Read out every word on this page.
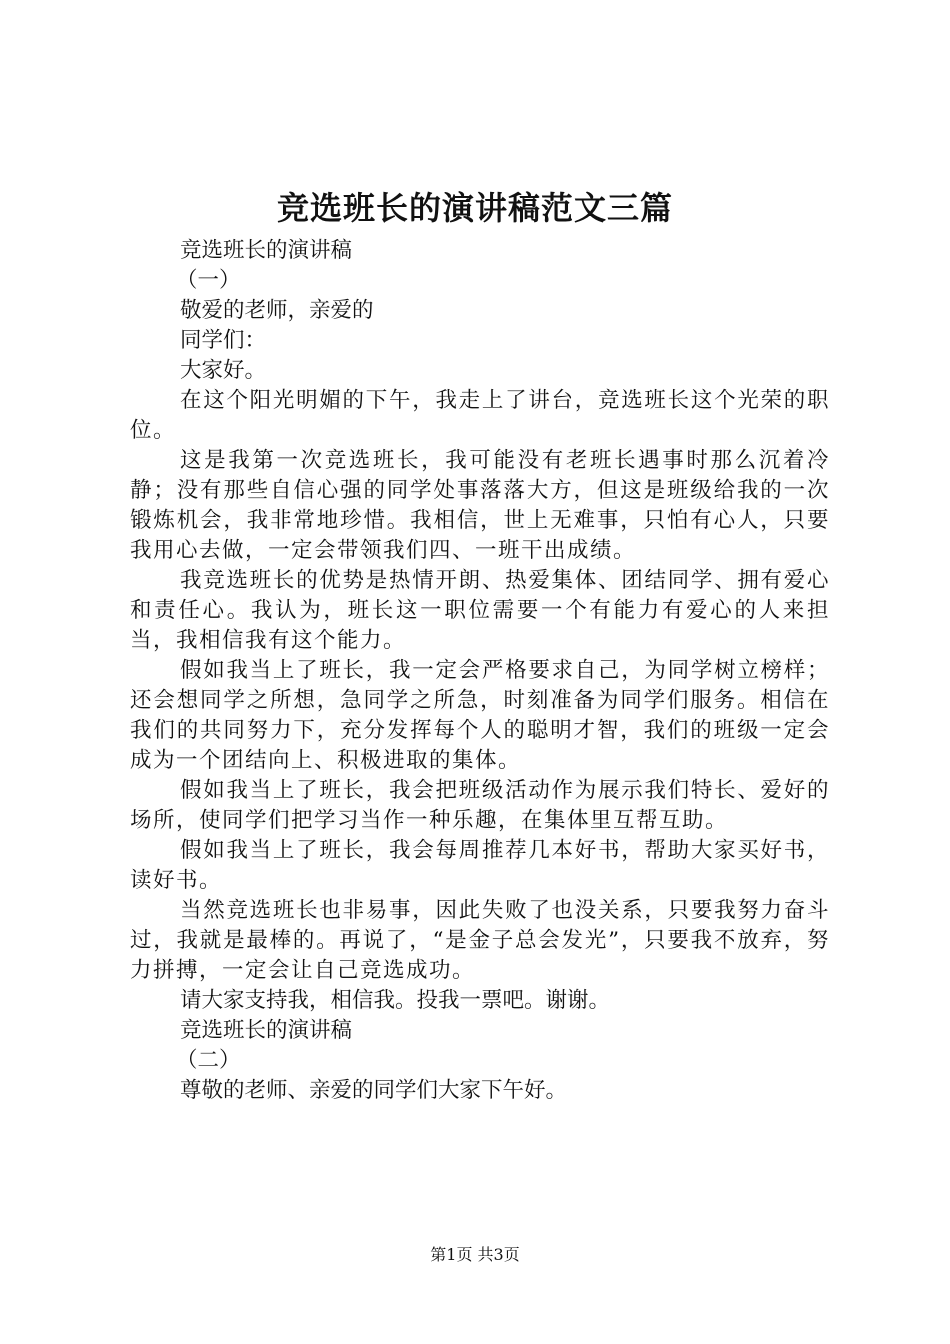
竞选班长的演讲稿范文三篇

竞选班长的演讲稿

（一）

敬爱的老师，亲爱的

同学们：

大家好。

在这个阳光明媚的下午，我走上了讲台，竞选班长这个光荣的职位。

这是我第一次竞选班长，我可能没有老班长遇事时那么沉着冷静；没有那些自信心强的同学处事落落大方，但这是班级给我的一次锻炼机会，我非常地珍惜。我相信，世上无难事，只怕有心人，只要我用心去做，一定会带领我们四、一班干出成绩。

我竞选班长的优势是热情开朗、热爱集体、团结同学、拥有爱心和责任心。我认为，班长这一职位需要一个有能力有爱心的人来担当，我相信我有这个能力。

假如我当上了班长，我一定会严格要求自己，为同学树立榜样；还会想同学之所想，急同学之所急，时刻准备为同学们服务。相信在我们的共同努力下，充分发挥每个人的聪明才智，我们的班级一定会成为一个团结向上、积极进取的集体。

假如我当上了班长，我会把班级活动作为展示我们特长、爱好的场所，使同学们把学习当作一种乐趣，在集体里互帮互助。

假如我当上了班长，我会每周推荐几本好书，帮助大家买好书，读好书。

当然竞选班长也非易事，因此失败了也没关系，只要我努力奋斗过，我就是最棒的。再说了，“是金子总会发光”，只要我不放弃，努力拼搏，一定会让自己竞选成功。

请大家支持我，相信我。投我一票吧。谢谢。

竞选班长的演讲稿

（二）

尊敬的老师、亲爱的同学们大家下午好。

第1页 共3页
